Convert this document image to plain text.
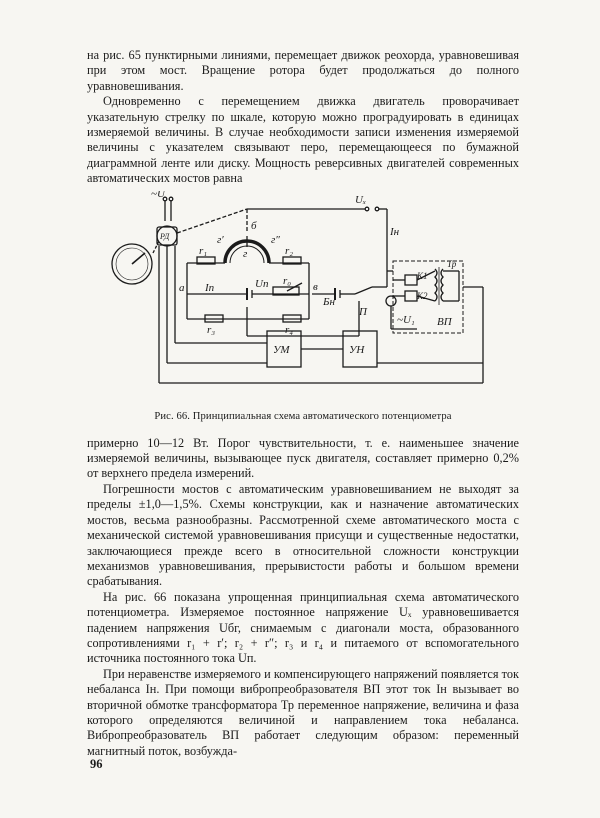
на рис. 65 пунктирными линиями, перемещает движок реохорда, уравновешивая при этом мост. Вращение ротора будет продолжаться до полного уравновешивания.

Одновременно с перемещением движка двигатель проворачивает указательную стрелку по шкале, которую можно проградуировать в единицах измеряемой величины. В случае необходимости записи изменения измеряемой величины с указателем связывают перо, перемещающееся по бумажной диаграммной ленте или диску. Мощность реверсивных двигателей современных автоматических мостов равна

~U
РД
Uₓ
Iн
б
г
г′	г″
r₁	r₂
r₃	r₄
r₀
а	в
Iп	Uп
Бн
П
К1
К2
Тр
ВП
~U₁
УМ	УН
Рис. 66. Принципиальная схема автоматического потенциометра

примерно 10—12 Вт. Порог чувствительности, т. е. наименьшее значение измеряемой величины, вызывающее пуск двигателя, составляет примерно 0,2% от верхнего предела измерений.

Погрешности мостов с автоматическим уравновешиванием не выходят за пределы ±1,0—1,5%. Схемы конструкции, как и назначение автоматических мостов, весьма разнообразны. Рассмотренной схеме автоматического моста с механической системой уравновешивания присущи и существенные недостатки, заключающиеся прежде всего в относительной сложности конструкции механизмов уравновешивания, прерывистости работы и большом времени срабатывания.

На рис. 66 показана упрощенная принципиальная схема автоматического потенциометра. Измеряемое постоянное напряжение Uₓ уравновешивается падением напряжения Uбг, снимаемым с диагонали моста, образованного сопротивлениями r₁ + r′; r₂ + r″; r₃ и r₄ и питаемого от вспомогательного источника постоянного тока Uп.

При неравенстве измеряемого и компенсирующего напряжений появляется ток небаланса Iн. При помощи вибропреобразователя ВП этот ток Iн вызывает во вторичной обмотке трансформатора Тр переменное напряжение, величина и фаза которого определяются величиной и направлением тока небаланса. Вибропреобразователь ВП работает следующим образом: переменный магнитный поток, возбужда-

96
